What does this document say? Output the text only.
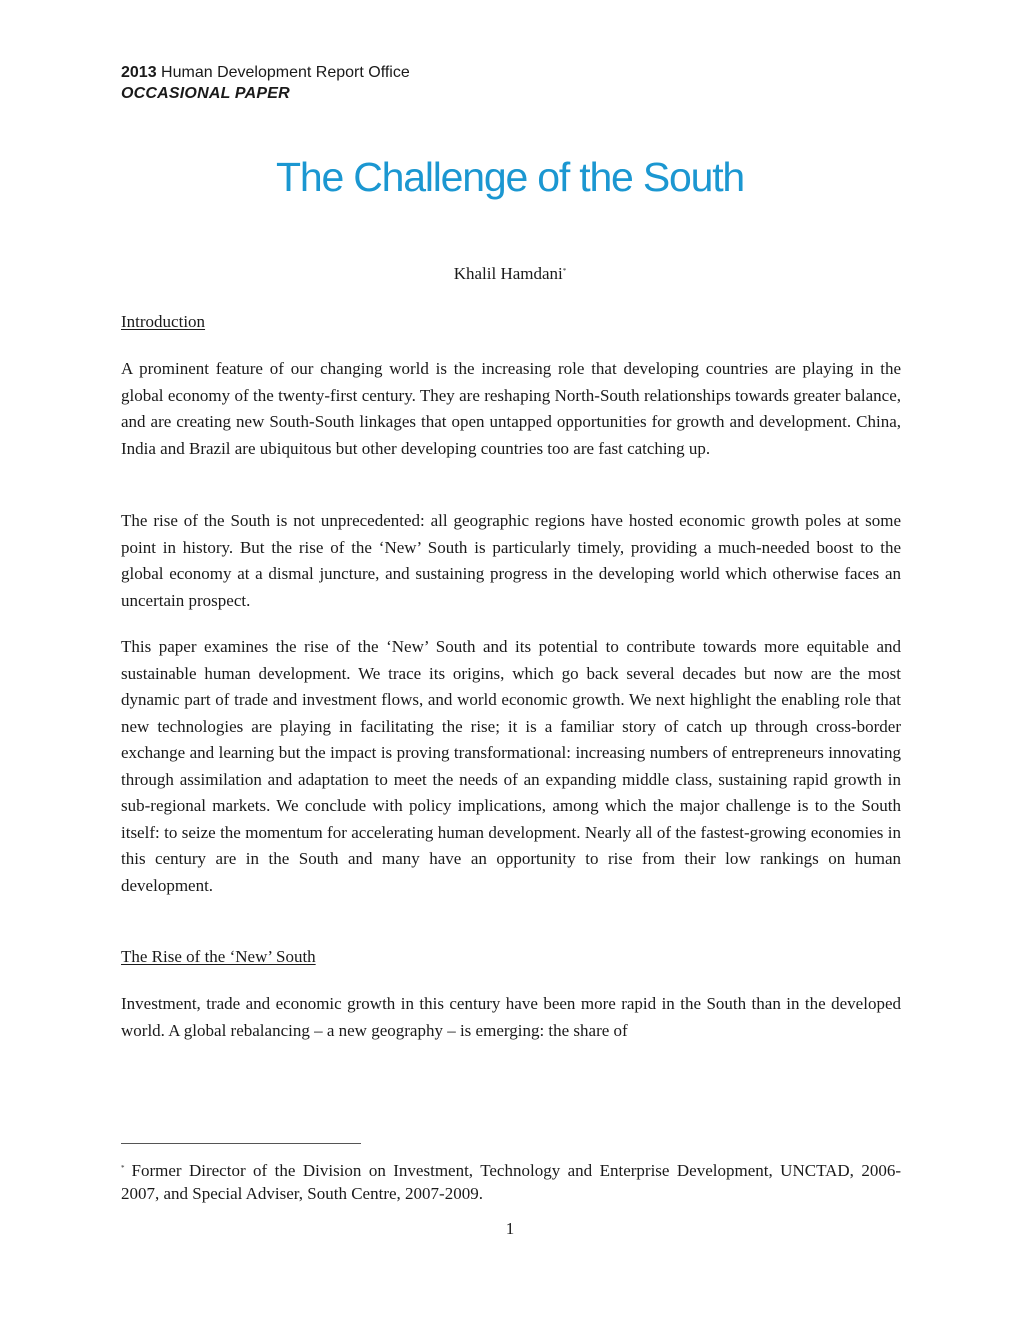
2013 Human Development Report Office
OCCASIONAL PAPER
The Challenge of the South
Khalil Hamdani*
Introduction

A prominent feature of our changing world is the increasing role that developing countries are playing in the global economy of the twenty-first century. They are reshaping North-South relationships towards greater balance, and are creating new South-South linkages that open untapped opportunities for growth and development. China, India and Brazil are ubiquitous but other developing countries too are fast catching up.

The rise of the South is not unprecedented: all geographic regions have hosted economic growth poles at some point in history. But the rise of the ‘New’ South is particularly timely, providing a much-needed boost to the global economy at a dismal juncture, and sustaining progress in the developing world which otherwise faces an uncertain prospect.

This paper examines the rise of the ‘New’ South and its potential to contribute towards more equitable and sustainable human development. We trace its origins, which go back several decades but now are the most dynamic part of trade and investment flows, and world economic growth. We next highlight the enabling role that new technologies are playing in facilitating the rise; it is a familiar story of catch up through cross-border exchange and learning but the impact is proving transformational: increasing numbers of entrepreneurs innovating through assimilation and adaptation to meet the needs of an expanding middle class, sustaining rapid growth in sub-regional markets. We conclude with policy implications, among which the major challenge is to the South itself: to seize the momentum for accelerating human development. Nearly all of the fastest-growing economies in this century are in the South and many have an opportunity to rise from their low rankings on human development.

The Rise of the ‘New’ South

Investment, trade and economic growth in this century have been more rapid in the South than in the developed world. A global rebalancing – a new geography – is emerging: the share of

* Former Director of the Division on Investment, Technology and Enterprise Development, UNCTAD, 2006-2007, and Special Adviser, South Centre, 2007-2009.

1
